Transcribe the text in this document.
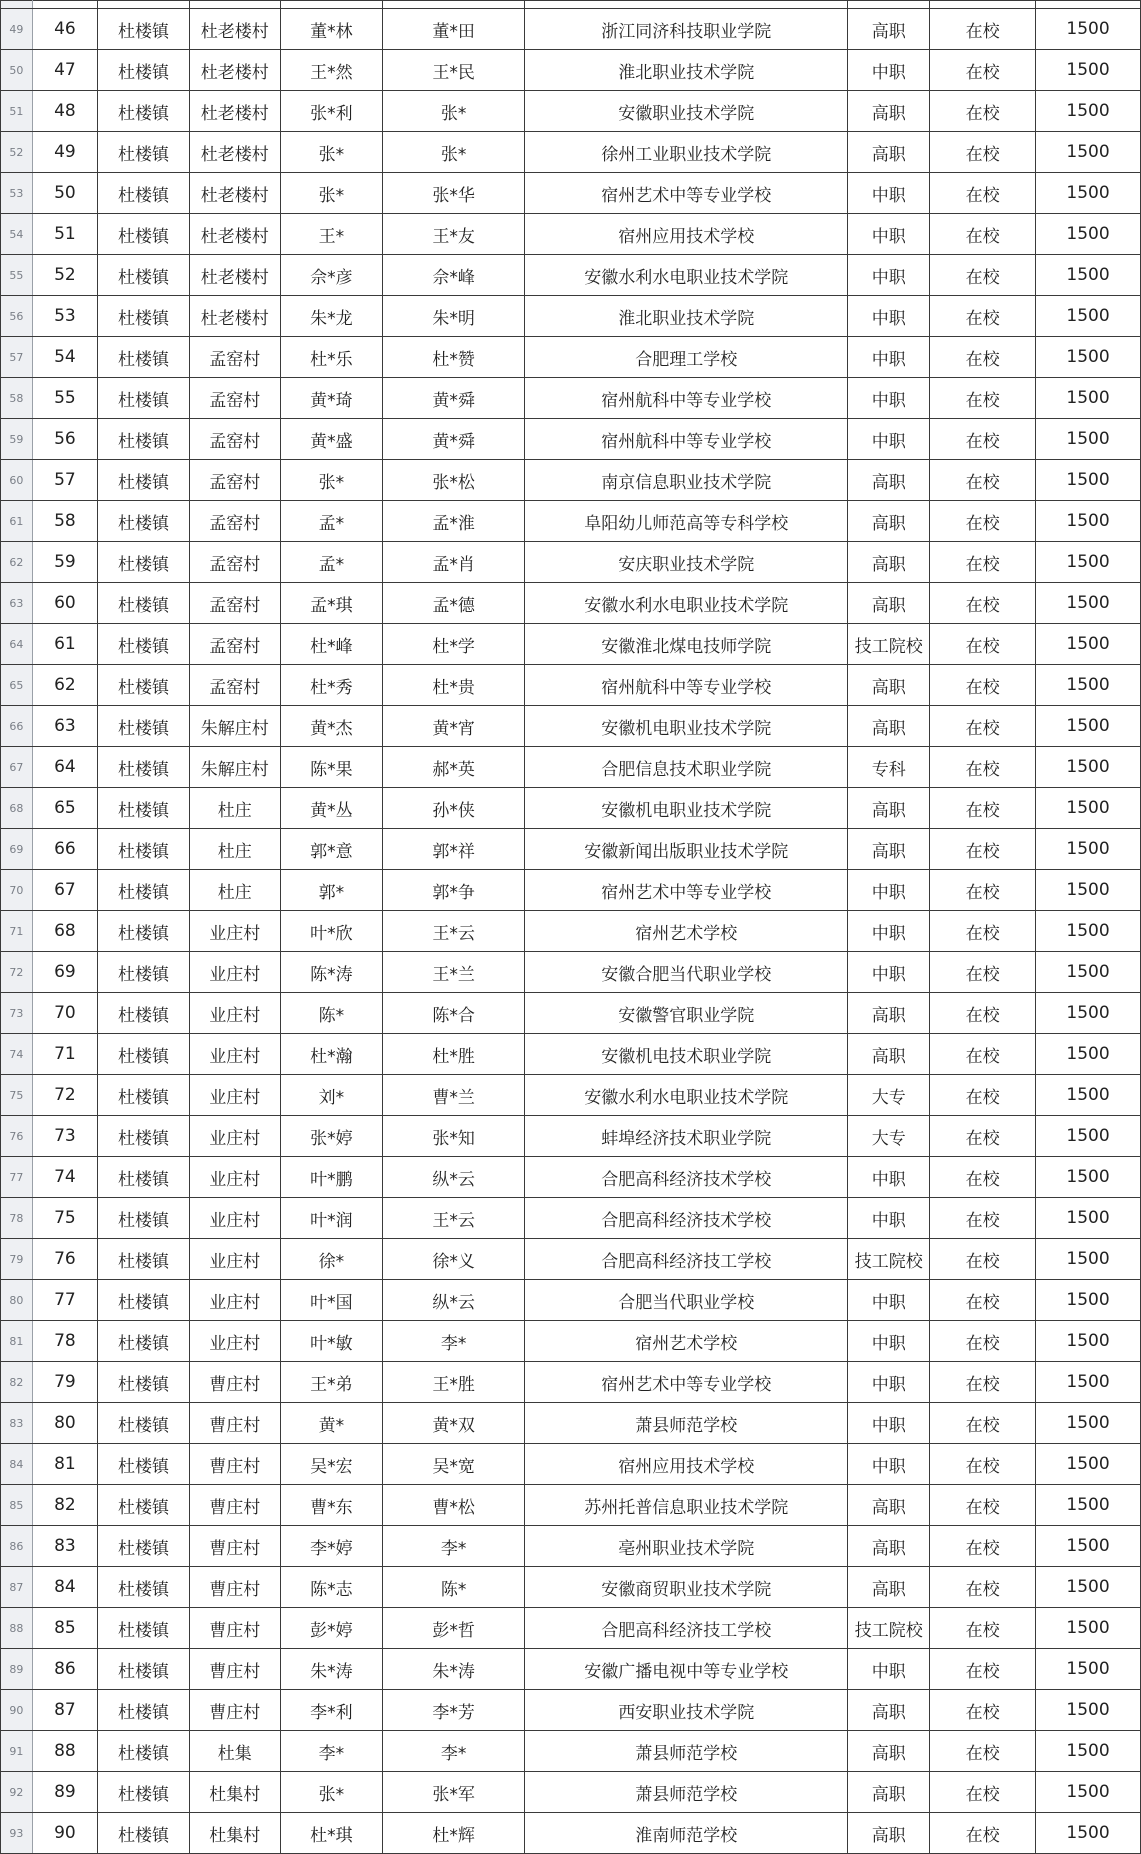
49	46	杜楼镇	杜老楼村	董*林	董*田	浙江同济科技职业学院	高职	在校	1500
50	47	杜楼镇	杜老楼村	王*然	王*民	淮北职业技术学院	中职	在校	1500
51	48	杜楼镇	杜老楼村	张*利	张*	安徽职业技术学院	高职	在校	1500
52	49	杜楼镇	杜老楼村	张*	张*	徐州工业职业技术学院	高职	在校	1500
53	50	杜楼镇	杜老楼村	张*	张*华	宿州艺术中等专业学校	中职	在校	1500
54	51	杜楼镇	杜老楼村	王*	王*友	宿州应用技术学校	中职	在校	1500
55	52	杜楼镇	杜老楼村	佘*彦	佘*峰	安徽水利水电职业技术学院	中职	在校	1500
56	53	杜楼镇	杜老楼村	朱*龙	朱*明	淮北职业技术学院	中职	在校	1500
57	54	杜楼镇	孟窑村	杜*乐	杜*赞	合肥理工学校	中职	在校	1500
58	55	杜楼镇	孟窑村	黄*琦	黄*舜	宿州航科中等专业学校	中职	在校	1500
59	56	杜楼镇	孟窑村	黄*盛	黄*舜	宿州航科中等专业学校	中职	在校	1500
60	57	杜楼镇	孟窑村	张*	张*松	南京信息职业技术学院	高职	在校	1500
61	58	杜楼镇	孟窑村	孟*	孟*淮	阜阳幼儿师范高等专科学校	高职	在校	1500
62	59	杜楼镇	孟窑村	孟*	孟*肖	安庆职业技术学院	高职	在校	1500
63	60	杜楼镇	孟窑村	孟*琪	孟*德	安徽水利水电职业技术学院	高职	在校	1500
64	61	杜楼镇	孟窑村	杜*峰	杜*学	安徽淮北煤电技师学院	技工院校	在校	1500
65	62	杜楼镇	孟窑村	杜*秀	杜*贵	宿州航科中等专业学校	高职	在校	1500
66	63	杜楼镇	朱解庄村	黄*杰	黄*宵	安徽机电职业技术学院	高职	在校	1500
67	64	杜楼镇	朱解庄村	陈*果	郝*英	合肥信息技术职业学院	专科	在校	1500
68	65	杜楼镇	杜庄	黄*丛	孙*侠	安徽机电职业技术学院	高职	在校	1500
69	66	杜楼镇	杜庄	郭*意	郭*祥	安徽新闻出版职业技术学院	高职	在校	1500
70	67	杜楼镇	杜庄	郭*	郭*争	宿州艺术中等专业学校	中职	在校	1500
71	68	杜楼镇	业庄村	叶*欣	王*云	宿州艺术学校	中职	在校	1500
72	69	杜楼镇	业庄村	陈*涛	王*兰	安徽合肥当代职业学校	中职	在校	1500
73	70	杜楼镇	业庄村	陈*	陈*合	安徽警官职业学院	高职	在校	1500
74	71	杜楼镇	业庄村	杜*瀚	杜*胜	安徽机电技术职业学院	高职	在校	1500
75	72	杜楼镇	业庄村	刘*	曹*兰	安徽水利水电职业技术学院	大专	在校	1500
76	73	杜楼镇	业庄村	张*婷	张*知	蚌埠经济技术职业学院	大专	在校	1500
77	74	杜楼镇	业庄村	叶*鹏	纵*云	合肥高科经济技术学校	中职	在校	1500
78	75	杜楼镇	业庄村	叶*润	王*云	合肥高科经济技术学校	中职	在校	1500
79	76	杜楼镇	业庄村	徐*	徐*义	合肥高科经济技工学校	技工院校	在校	1500
80	77	杜楼镇	业庄村	叶*国	纵*云	合肥当代职业学校	中职	在校	1500
81	78	杜楼镇	业庄村	叶*敏	李*	宿州艺术学校	中职	在校	1500
82	79	杜楼镇	曹庄村	王*弟	王*胜	宿州艺术中等专业学校	中职	在校	1500
83	80	杜楼镇	曹庄村	黄*	黄*双	萧县师范学校	中职	在校	1500
84	81	杜楼镇	曹庄村	吴*宏	吴*宽	宿州应用技术学校	中职	在校	1500
85	82	杜楼镇	曹庄村	曹*东	曹*松	苏州托普信息职业技术学院	高职	在校	1500
86	83	杜楼镇	曹庄村	李*婷	李*	亳州职业技术学院	高职	在校	1500
87	84	杜楼镇	曹庄村	陈*志	陈*	安徽商贸职业技术学院	高职	在校	1500
88	85	杜楼镇	曹庄村	彭*婷	彭*哲	合肥高科经济技工学校	技工院校	在校	1500
89	86	杜楼镇	曹庄村	朱*涛	朱*涛	安徽广播电视中等专业学校	中职	在校	1500
90	87	杜楼镇	曹庄村	李*利	李*芳	西安职业技术学院	高职	在校	1500
91	88	杜楼镇	杜集	李*	李*	萧县师范学校	高职	在校	1500
92	89	杜楼镇	杜集村	张*	张*军	萧县师范学校	高职	在校	1500
93	90	杜楼镇	杜集村	杜*琪	杜*辉	淮南师范学校	高职	在校	1500
